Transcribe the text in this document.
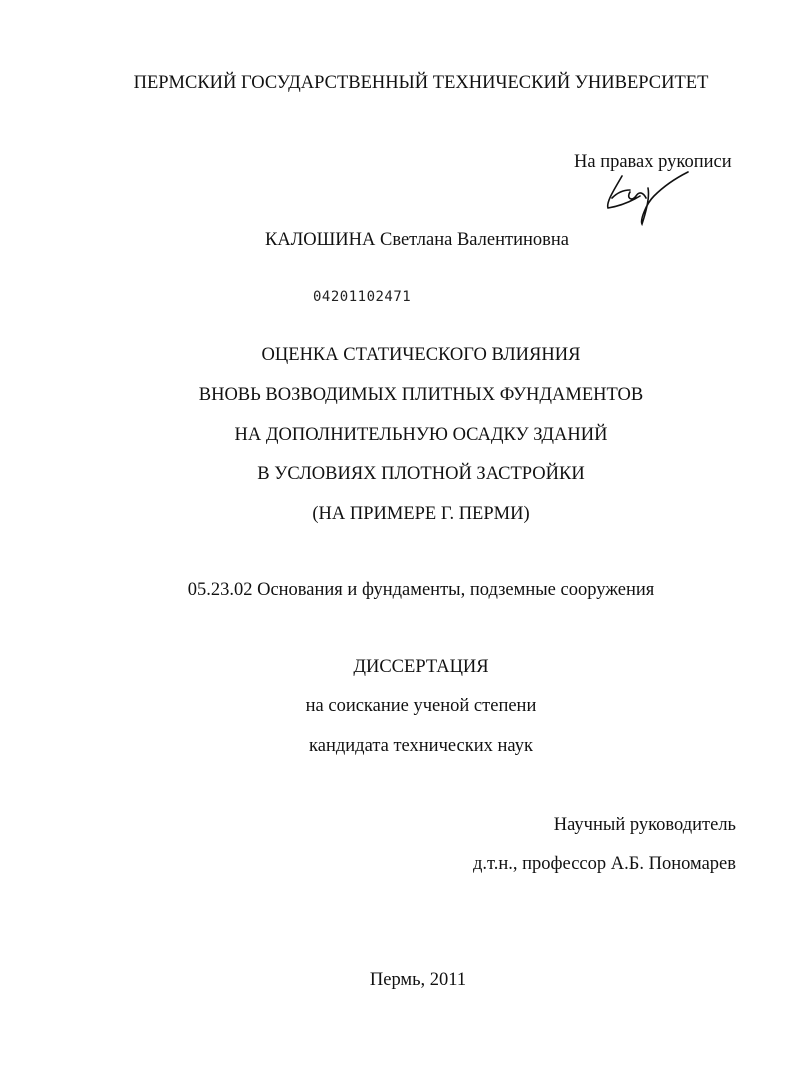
ПЕРМСКИЙ ГОСУДАРСТВЕННЫЙ ТЕХНИЧЕСКИЙ УНИВЕРСИТЕТ
На правах рукописи
КАЛОШИНА Светлана Валентиновна
04201102471
ОЦЕНКА СТАТИЧЕСКОГО ВЛИЯНИЯ
ВНОВЬ ВОЗВОДИМЫХ ПЛИТНЫХ ФУНДАМЕНТОВ
НА ДОПОЛНИТЕЛЬНУЮ ОСАДКУ ЗДАНИЙ
В УСЛОВИЯХ ПЛОТНОЙ ЗАСТРОЙКИ
(НА ПРИМЕРЕ Г. ПЕРМИ)
05.23.02 Основания и фундаменты, подземные сооружения
ДИССЕРТАЦИЯ
на соискание ученой степени
кандидата технических наук
Научный руководитель
д.т.н., профессор А.Б. Пономарев
Пермь, 2011
